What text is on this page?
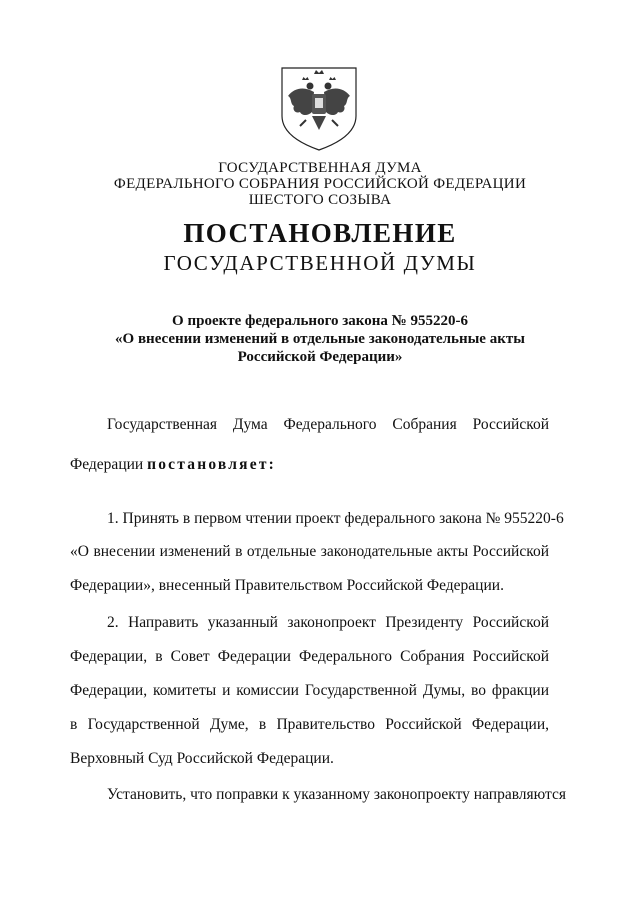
ГОСУДАРСТВЕННАЯ ДУМА
ФЕДЕРАЛЬНОГО СОБРАНИЯ РОССИЙСКОЙ ФЕДЕРАЦИИ
ШЕСТОГО СОЗЫВА
ПОСТАНОВЛЕНИЕ
ГОСУДАРСТВЕННОЙ ДУМЫ
О проекте федерального закона № 955220-6
«О внесении изменений в отдельные законодательные акты
Российской Федерации»
Государственная Дума Федерального Собрания Российской
Федерации постановляет:
1. Принять в первом чтении проект федерального закона № 955220-6
«О внесении изменений в отдельные законодательные акты Российской
Федерации», внесенный Правительством Российской Федерации.
2. Направить указанный законопроект Президенту Российской
Федерации, в Совет Федерации Федерального Собрания Российской
Федерации, комитеты и комиссии Государственной Думы, во фракции
в Государственной Думе, в Правительство Российской Федерации,
Верховный Суд Российской Федерации.
Установить, что поправки к указанному законопроекту направляются
